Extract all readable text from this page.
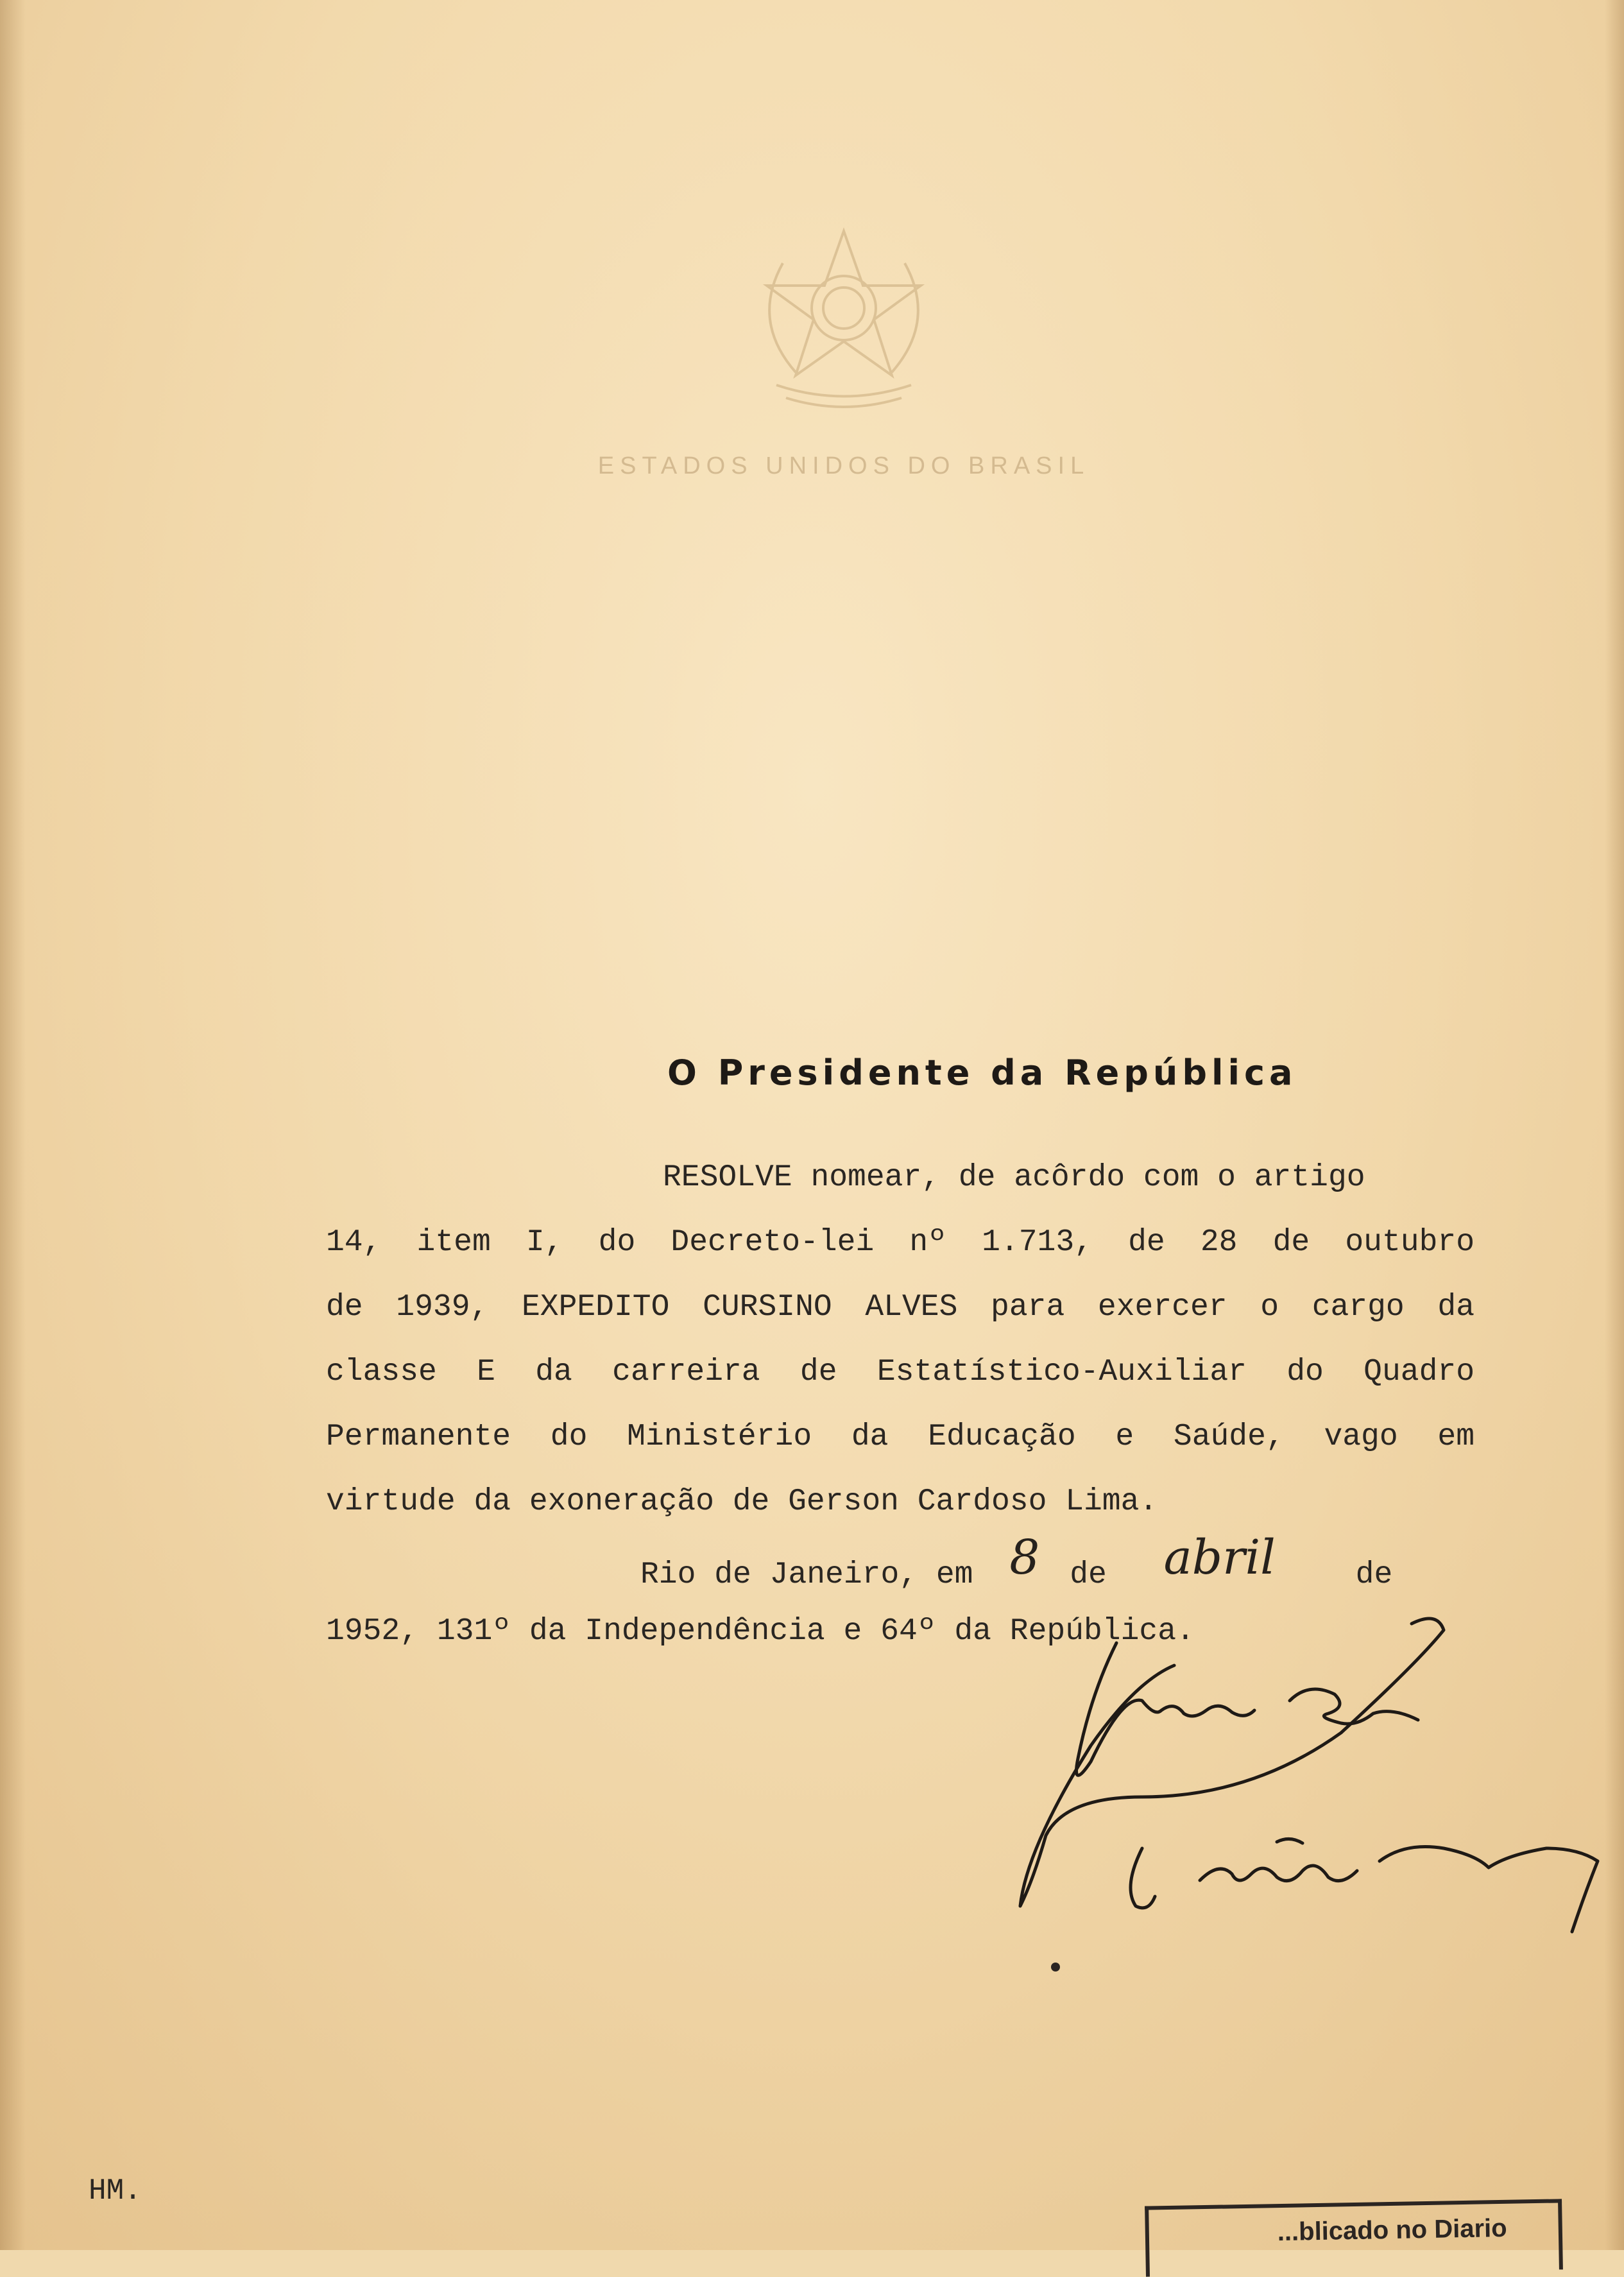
ESTADOS UNIDOS DO BRASIL
O Presidente da República
RESOLVE nomear, de acôrdo com o artigo
14, item I, do Decreto-lei nº 1.713, de 28 de outubro
de 1939, EXPEDITO CURSINO ALVES para exercer o cargo da
classe E da carreira de Estatístico-Auxiliar do Quadro
Permanente do Ministério da Educação e Saúde, vago em
virtude da exoneração de Gerson Cardoso Lima.
Rio de Janeiro, em 8 de abril	de
1952, 131º da Independência e 64º da República.
HM.
...blicado no Diario
